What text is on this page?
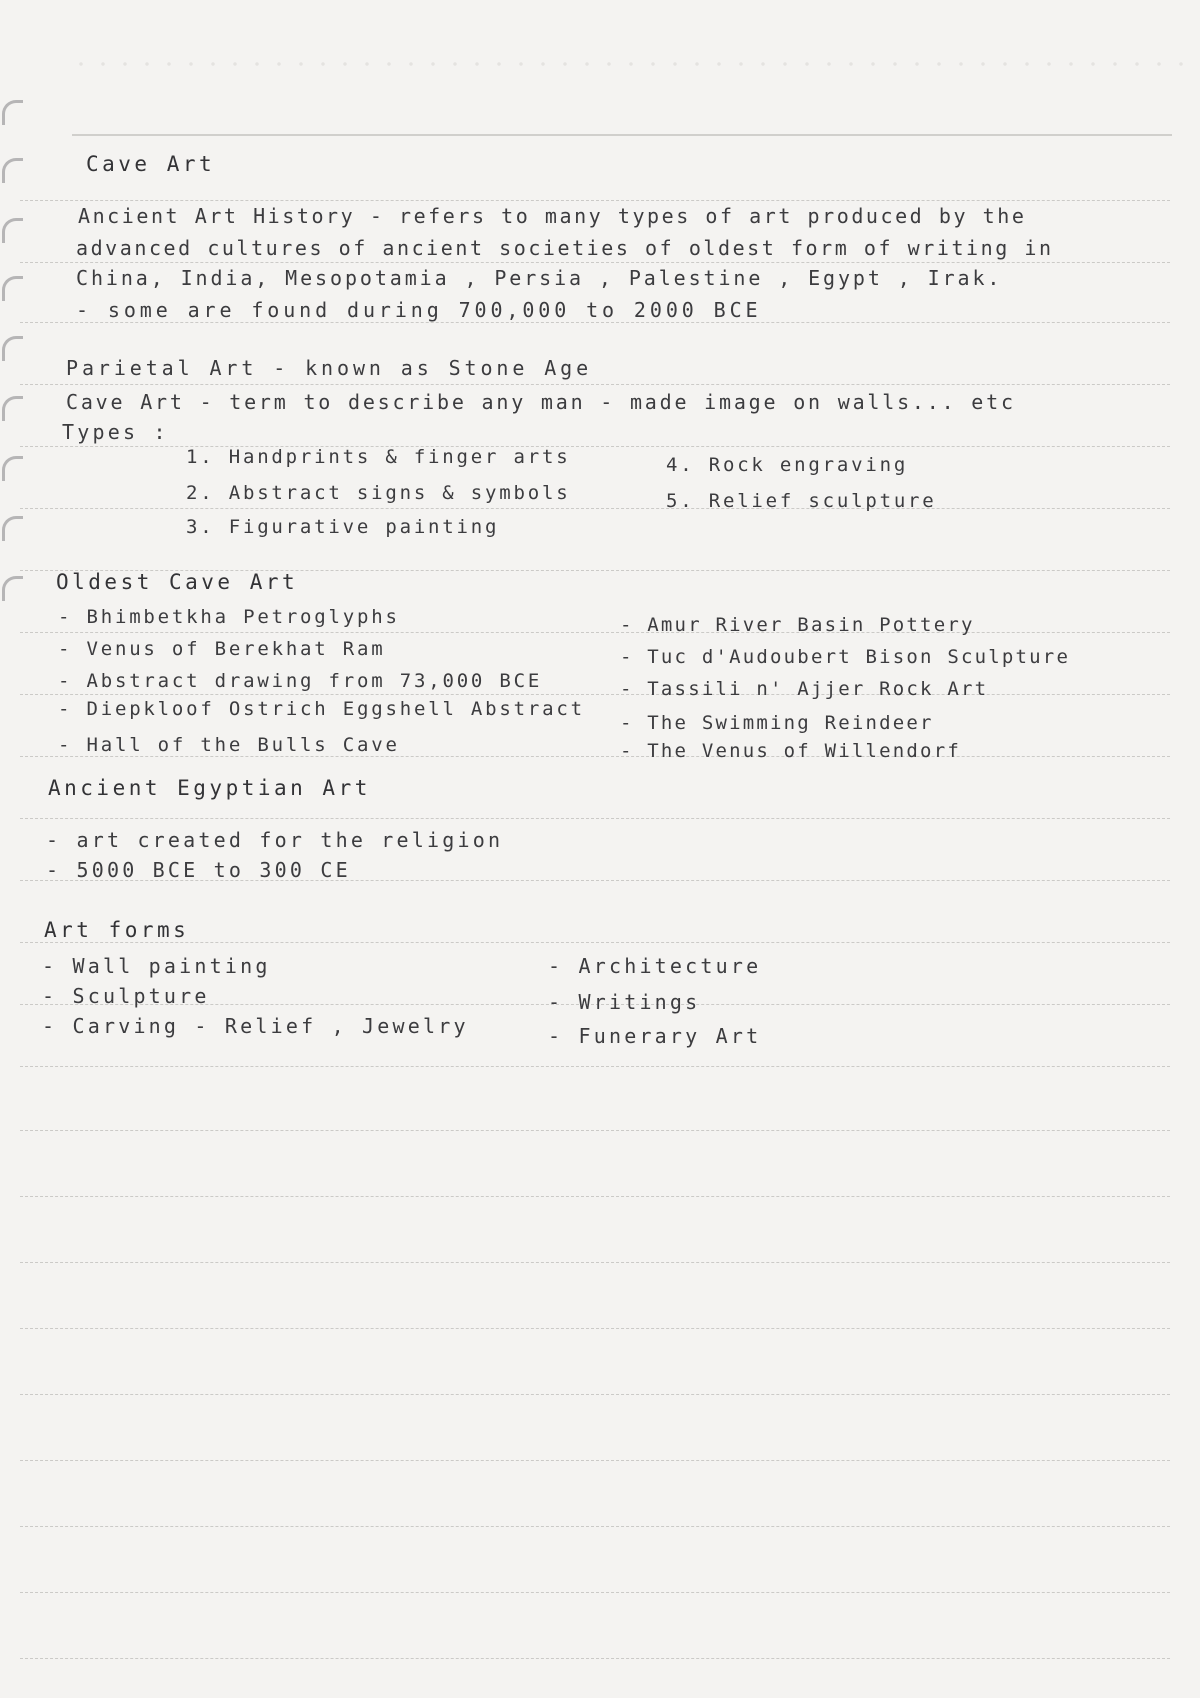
Cave Art
Ancient Art History - refers to many types of art produced by the
advanced cultures of ancient societies of oldest form of writing in
China, India, Mesopotamia , Persia , Palestine , Egypt , Irak.
- some are found during 700,000 to 2000 BCE
Parietal Art - known as Stone Age
Cave Art - term to describe any man - made image on walls... etc
Types :
1. Handprints & finger arts
2. Abstract signs & symbols
3. Figurative painting
4. Rock engraving
5. Relief sculpture
Oldest Cave Art
- Bhimbetkha Petroglyphs
- Venus of Berekhat Ram
- Abstract drawing from 73,000 BCE
- Diepkloof Ostrich Eggshell Abstract
- Hall of the Bulls Cave
- Amur River Basin Pottery
- Tuc d'Audoubert Bison Sculpture
- Tassili n' Ajjer Rock Art
- The Swimming Reindeer
- The Venus of Willendorf
Ancient Egyptian Art
- art created for the religion
- 5000 BCE to 300 CE
Art forms
- Wall painting
- Sculpture
- Carving - Relief , Jewelry
- Architecture
- Writings
- Funerary Art
